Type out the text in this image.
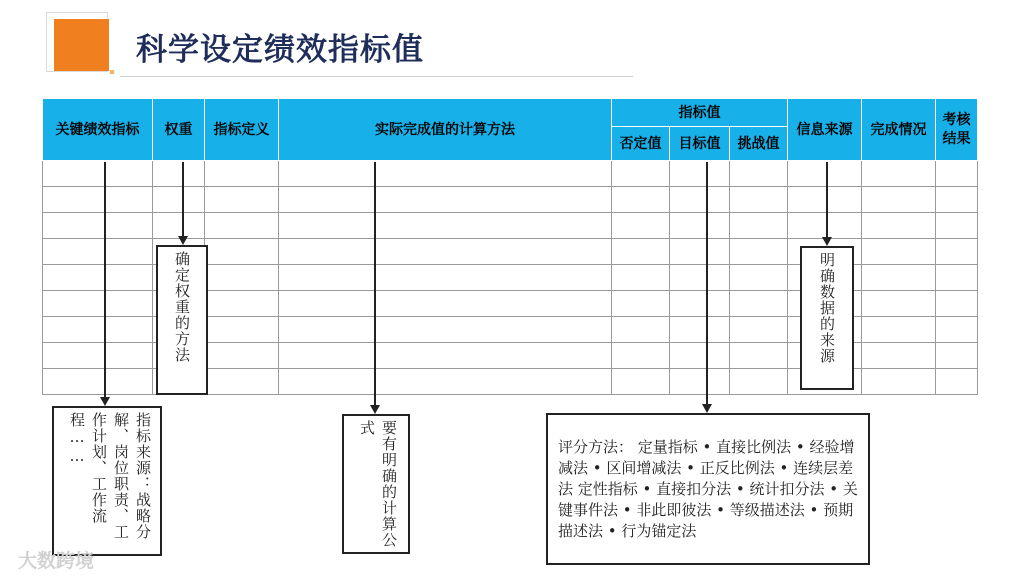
科学设定绩效指标值
关键绩效指标	权重	指标定义	实际完成值的计算方法	指标值			信息来源	完成情况	考核结果
				否定值	目标值	挑战值			

确定权重的方法	明确数据的来源
指标来源：战略分解、岗位职责、工作计划、工作流程……	要有明确的计算公式
评分方法： 定量指标 • 直接比例法 • 经验增减法 • 区间增减法 • 正反比例法 • 连续层差法 定性指标 • 直接扣分法 • 统计扣分法 • 关键事件法 • 非此即彼法 • 等级描述法 • 预期描述法 • 行为锚定法
大数跨境
